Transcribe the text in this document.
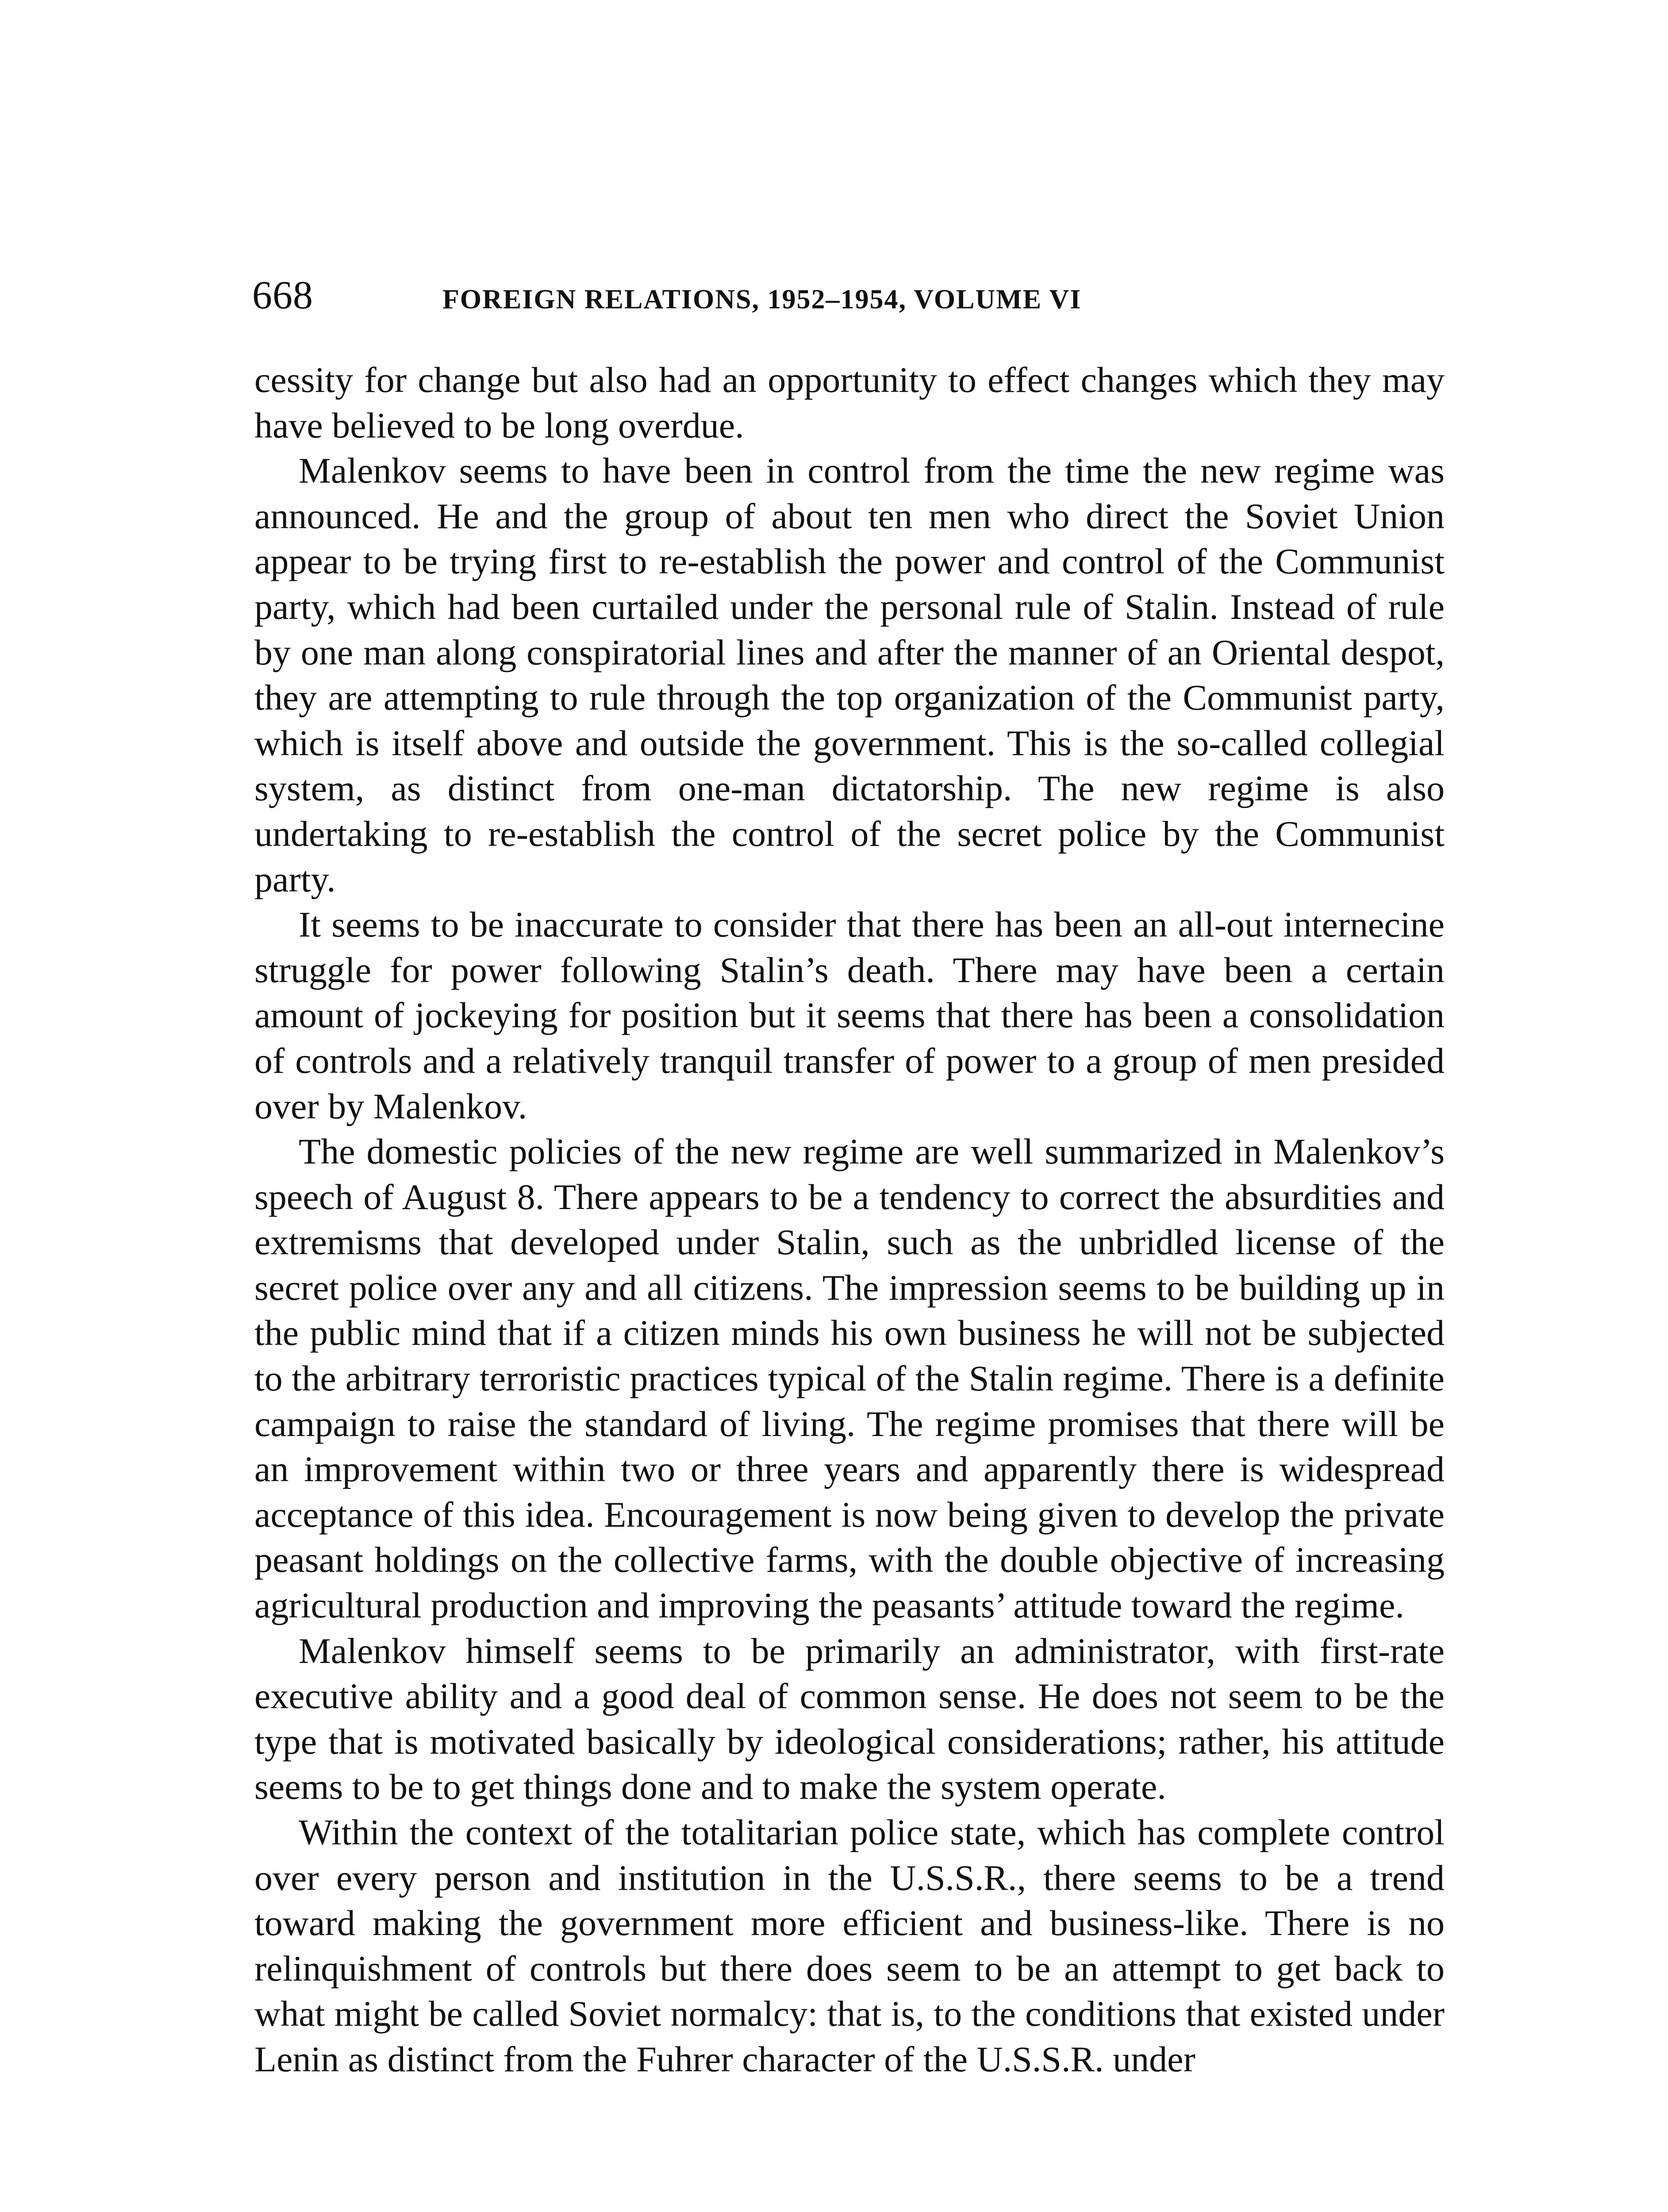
668	FOREIGN RELATIONS, 1952–1954, VOLUME VI

cessity for change but also had an opportunity to effect changes which they may have believed to be long overdue.

Malenkov seems to have been in control from the time the new regime was announced. He and the group of about ten men who direct the Soviet Union appear to be trying first to re-establish the power and control of the Communist party, which had been curtailed under the personal rule of Stalin. Instead of rule by one man along conspiratorial lines and after the manner of an Oriental despot, they are attempting to rule through the top organization of the Communist party, which is itself above and outside the government. This is the so-called collegial system, as distinct from one-man dictatorship. The new regime is also undertaking to re-establish the control of the secret police by the Communist party.

It seems to be inaccurate to consider that there has been an all-out internecine struggle for power following Stalin’s death. There may have been a certain amount of jockeying for position but it seems that there has been a consolidation of controls and a relatively tranquil transfer of power to a group of men presided over by Malenkov.

The domestic policies of the new regime are well summarized in Malenkov’s speech of August 8. There appears to be a tendency to correct the absurdities and extremisms that developed under Stalin, such as the unbridled license of the secret police over any and all citizens. The impression seems to be building up in the public mind that if a citizen minds his own business he will not be subjected to the arbitrary terroristic practices typical of the Stalin regime. There is a definite campaign to raise the standard of living. The regime promises that there will be an improvement within two or three years and apparently there is widespread acceptance of this idea. Encouragement is now being given to develop the private peasant holdings on the collective farms, with the double objective of increasing agricultural production and improving the peasants’ attitude toward the regime.

Malenkov himself seems to be primarily an administrator, with first-rate executive ability and a good deal of common sense. He does not seem to be the type that is motivated basically by ideological considerations; rather, his attitude seems to be to get things done and to make the system operate.

Within the context of the totalitarian police state, which has complete control over every person and institution in the U.S.S.R., there seems to be a trend toward making the government more efficient and business-like. There is no relinquishment of controls but there does seem to be an attempt to get back to what might be called Soviet normalcy: that is, to the conditions that existed under Lenin as distinct from the Fuhrer character of the U.S.S.R. under
